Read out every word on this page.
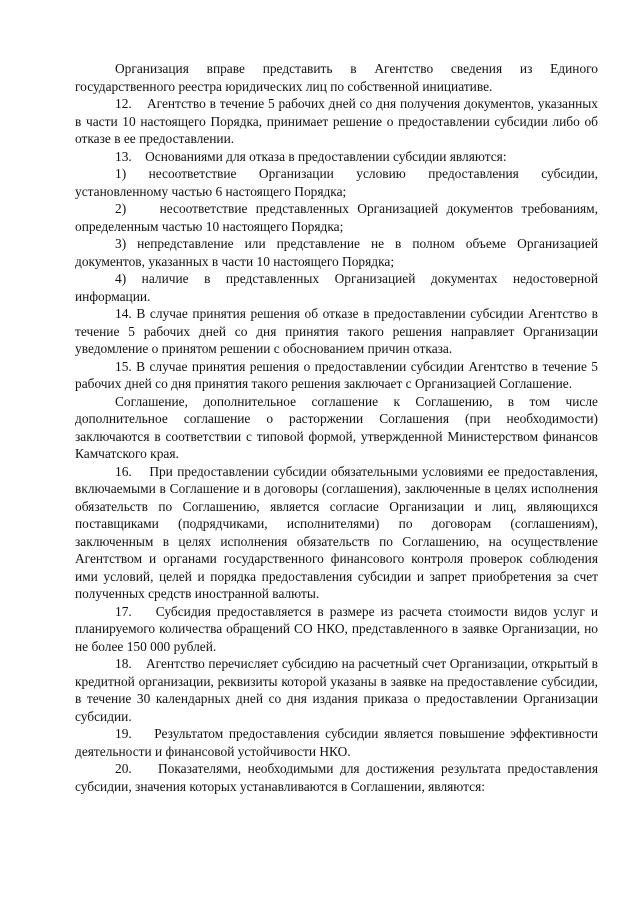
Организация вправе представить в Агентство сведения из Единого государственного реестра юридических лиц по собственной инициативе.

12.    Агентство в течение 5 рабочих дней со дня получения документов, указанных в части 10 настоящего Порядка, принимает решение о предоставлении субсидии либо об отказе в ее предоставлении.

13.    Основаниями для отказа в предоставлении субсидии являются:

1) несоответствие Организации условию предоставления субсидии, установленному частью 6 настоящего Порядка;

2)    несоответствие представленных Организацией документов требованиям, определенным частью 10 настоящего Порядка;

3) непредставление или представление не в полном объеме Организацией документов, указанных в части 10 настоящего Порядка;

4) наличие в представленных Организацией документах недостоверной информации.

14. В случае принятия решения об отказе в предоставлении субсидии Агентство в течение 5 рабочих дней со дня принятия такого решения направляет Организации уведомление о принятом решении с обоснованием причин отказа.

15. В случае принятия решения о предоставлении субсидии Агентство в течение 5 рабочих дней со дня принятия такого решения заключает с Организацией Соглашение.

Соглашение, дополнительное соглашение к Соглашению, в том числе дополнительное соглашение о расторжении Соглашения (при необходимости) заключаются в соответствии с типовой формой, утвержденной Министерством финансов Камчатского края.

16.    При предоставлении субсидии обязательными условиями ее предоставления, включаемыми в Соглашение и в договоры (соглашения), заключенные в целях исполнения обязательств по Соглашению, является согласие Организации и лиц, являющихся поставщиками (подрядчиками, исполнителями) по договорам (соглашениям), заключенным в целях исполнения обязательств по Соглашению, на осуществление Агентством и органами государственного финансового контроля проверок соблюдения ими условий, целей и порядка предоставления субсидии и запрет приобретения за счет полученных средств иностранной валюты.

17.    Субсидия предоставляется в размере из расчета стоимости видов услуг и планируемого количества обращений СО НКО, представленного в заявке Организации, но не более 150 000 рублей.

18.    Агентство перечисляет субсидию на расчетный счет Организации, открытый в кредитной организации, реквизиты которой указаны в заявке на предоставление субсидии, в течение 30 календарных дней со дня издания приказа о предоставлении Организации субсидии.

19.    Результатом предоставления субсидии является повышение эффективности деятельности и финансовой устойчивости НКО.

20.    Показателями, необходимыми для достижения результата предоставления субсидии, значения которых устанавливаются в Соглашении, являются:
